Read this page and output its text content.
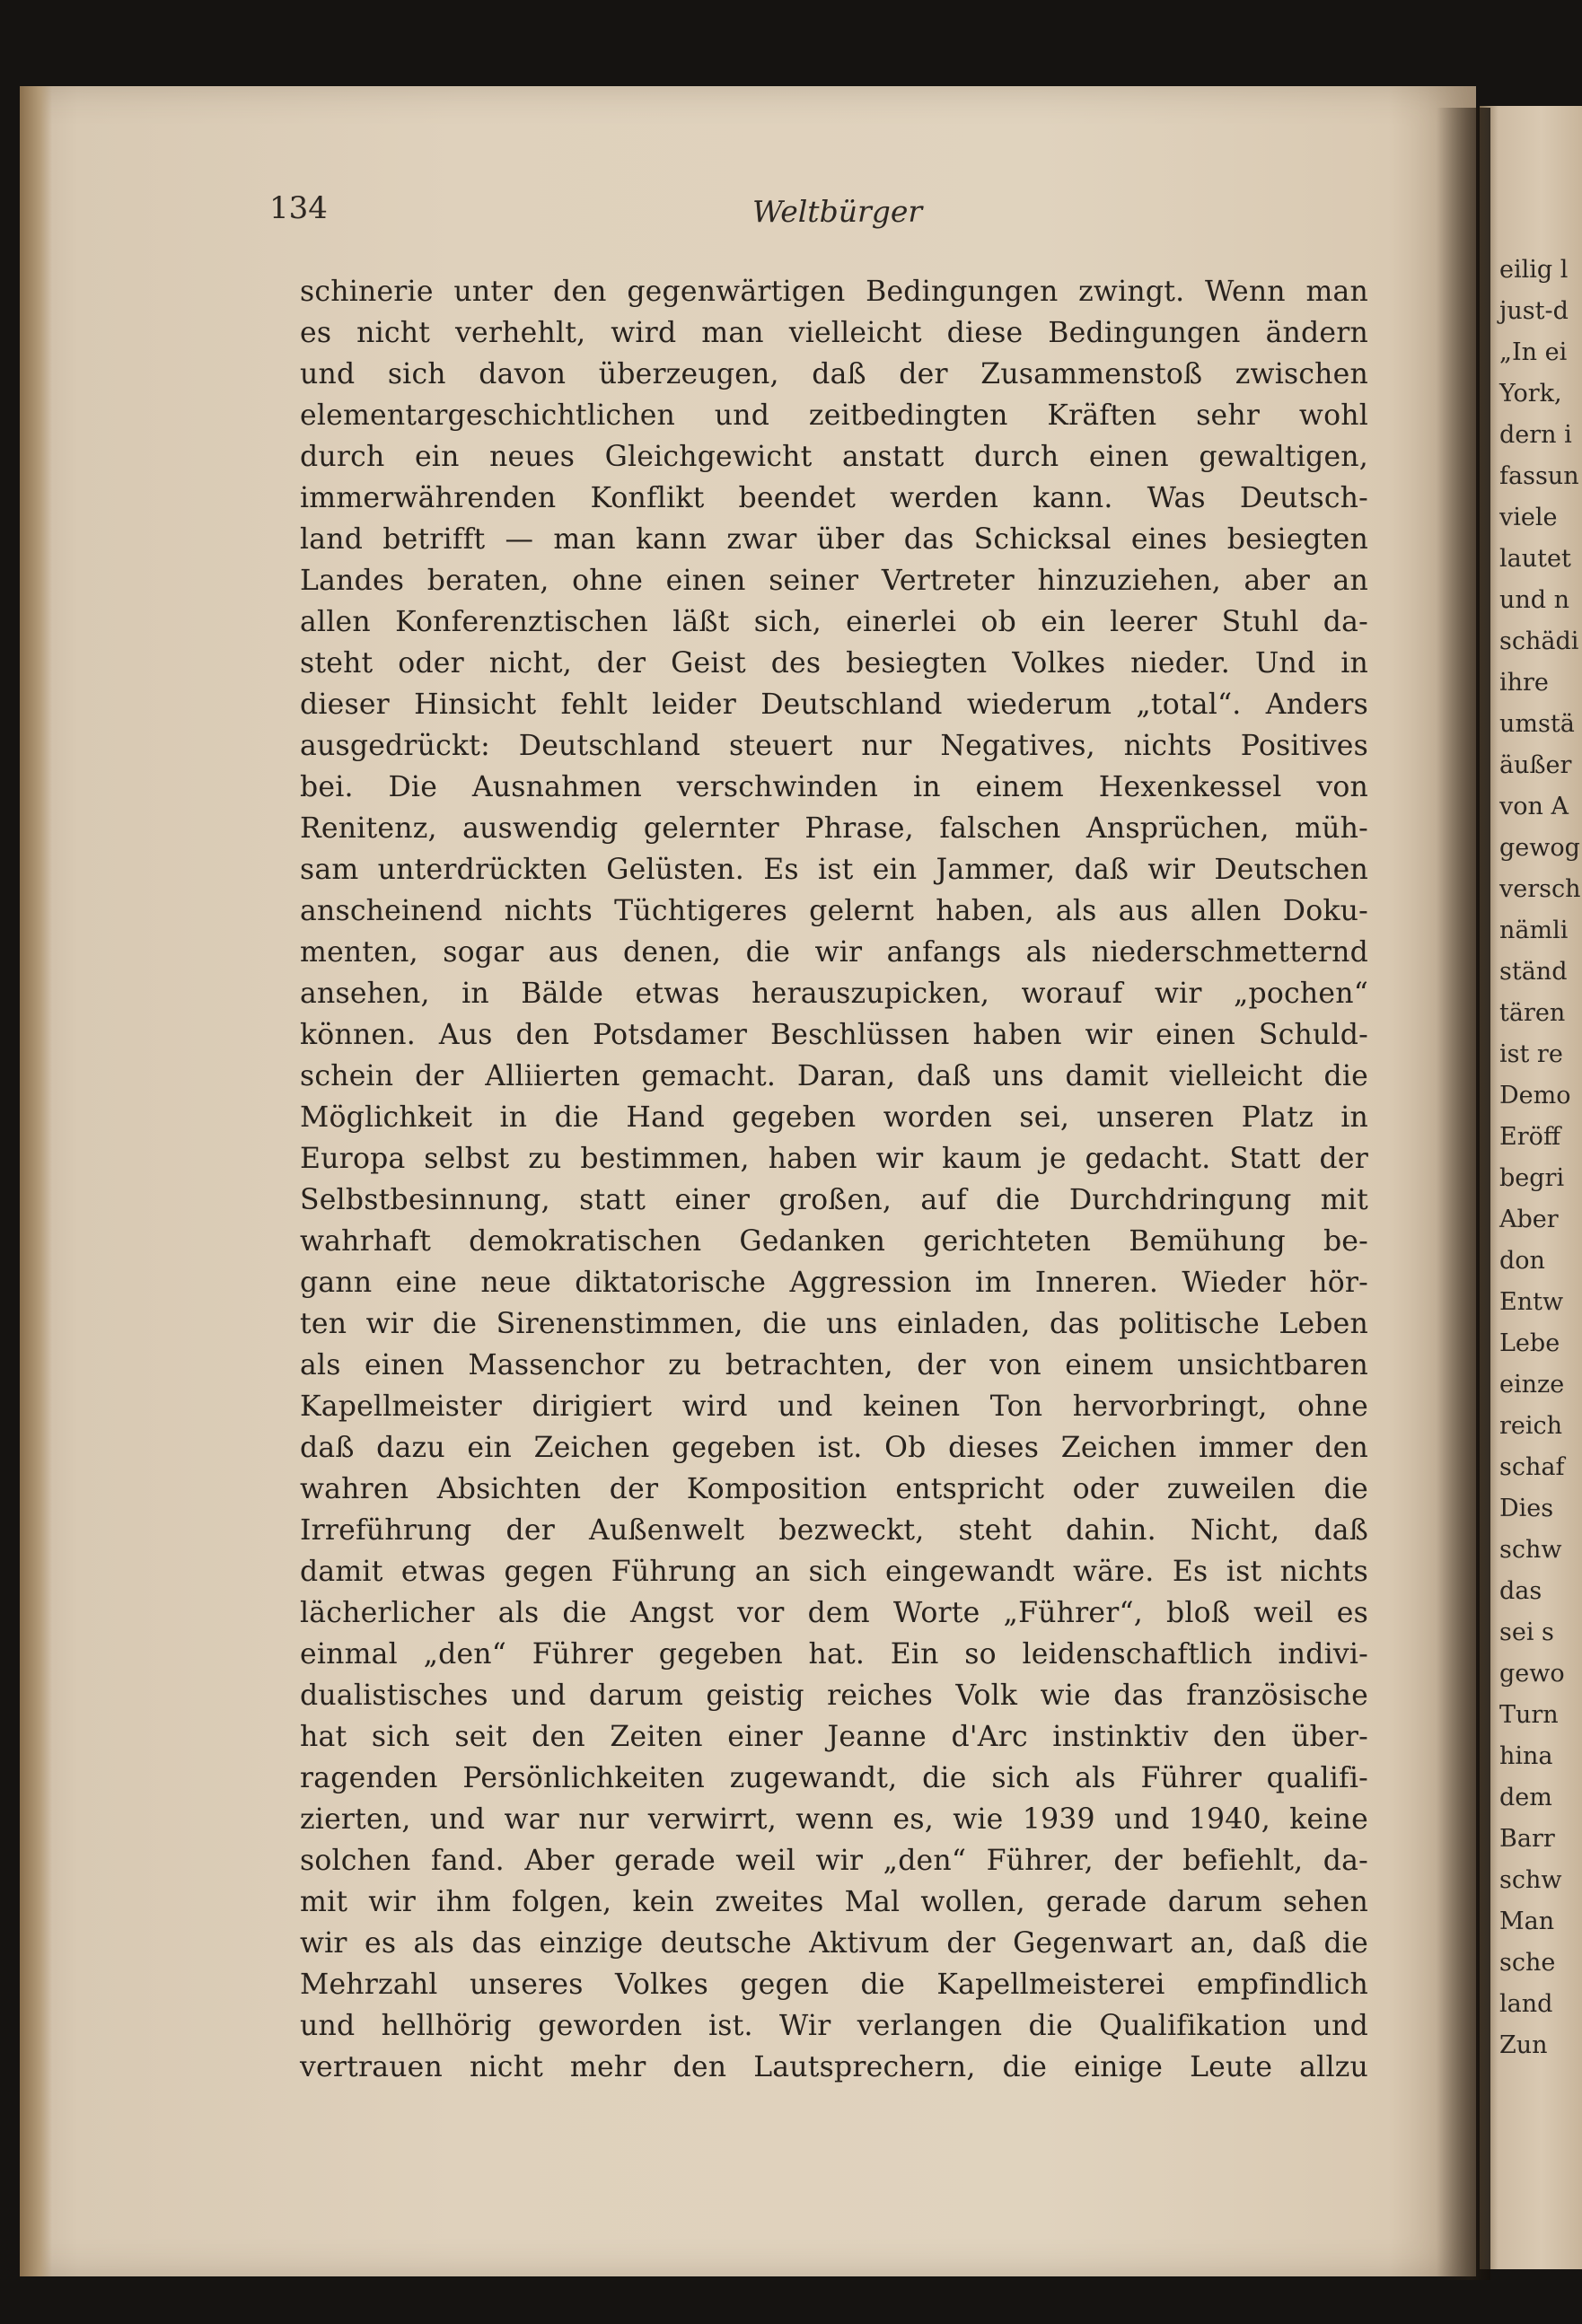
134	Weltbürger
schinerie unter den gegenwärtigen Bedingungen zwingt. Wenn man
es nicht verhehlt, wird man vielleicht diese Bedingungen ändern
und sich davon überzeugen, daß der Zusammenstoß zwischen
elementargeschichtlichen und zeitbedingten Kräften sehr wohl
durch ein neues Gleichgewicht anstatt durch einen gewaltigen,
immerwährenden Konflikt beendet werden kann. Was Deutsch-
land betrifft — man kann zwar über das Schicksal eines besiegten
Landes beraten, ohne einen seiner Vertreter hinzuziehen, aber an
allen Konferenztischen läßt sich, einerlei ob ein leerer Stuhl da-
steht oder nicht, der Geist des besiegten Volkes nieder. Und in
dieser Hinsicht fehlt leider Deutschland wiederum „total“. Anders
ausgedrückt: Deutschland steuert nur Negatives, nichts Positives
bei. Die Ausnahmen verschwinden in einem Hexenkessel von
Renitenz, auswendig gelernter Phrase, falschen Ansprüchen, müh-
sam unterdrückten Gelüsten. Es ist ein Jammer, daß wir Deutschen
anscheinend nichts Tüchtigeres gelernt haben, als aus allen Doku-
menten, sogar aus denen, die wir anfangs als niederschmetternd
ansehen, in Bälde etwas herauszupicken, worauf wir „pochen“
können. Aus den Potsdamer Beschlüssen haben wir einen Schuld-
schein der Alliierten gemacht. Daran, daß uns damit vielleicht die
Möglichkeit in die Hand gegeben worden sei, unseren Platz in
Europa selbst zu bestimmen, haben wir kaum je gedacht. Statt der
Selbstbesinnung, statt einer großen, auf die Durchdringung mit
wahrhaft demokratischen Gedanken gerichteten Bemühung be-
gann eine neue diktatorische Aggression im Inneren. Wieder hör-
ten wir die Sirenenstimmen, die uns einladen, das politische Leben
als einen Massenchor zu betrachten, der von einem unsichtbaren
Kapellmeister dirigiert wird und keinen Ton hervorbringt, ohne
daß dazu ein Zeichen gegeben ist. Ob dieses Zeichen immer den
wahren Absichten der Komposition entspricht oder zuweilen die
Irreführung der Außenwelt bezweckt, steht dahin. Nicht, daß
damit etwas gegen Führung an sich eingewandt wäre. Es ist nichts
lächerlicher als die Angst vor dem Worte „Führer“, bloß weil es
einmal „den“ Führer gegeben hat. Ein so leidenschaftlich indivi-
dualistisches und darum geistig reiches Volk wie das französische
hat sich seit den Zeiten einer Jeanne d'Arc instinktiv den über-
ragenden Persönlichkeiten zugewandt, die sich als Führer qualifi-
zierten, und war nur verwirrt, wenn es, wie 1939 und 1940, keine
solchen fand. Aber gerade weil wir „den“ Führer, der befiehlt, da-
mit wir ihm folgen, kein zweites Mal wollen, gerade darum sehen
wir es als das einzige deutsche Aktivum der Gegenwart an, daß die
Mehrzahl unseres Volkes gegen die Kapellmeisterei empfindlich
und hellhörig geworden ist. Wir verlangen die Qualifikation und
vertrauen nicht mehr den Lautsprechern, die einige Leute allzu
eilig l
just-d
„In ei
York,
dern i
fassun
viele
lautet
und n
schädi
ihre
umstä
äußer
von A
gewog
versch
nämli
ständ
tären
ist re
Demo
Eröff
begri
Aber
don
Entw
Lebe
einze
reich
schaf
Dies
schw
das
sei s
gewo
Turn
hina
dem
Barr
schw
Man
sche
land
Zun
